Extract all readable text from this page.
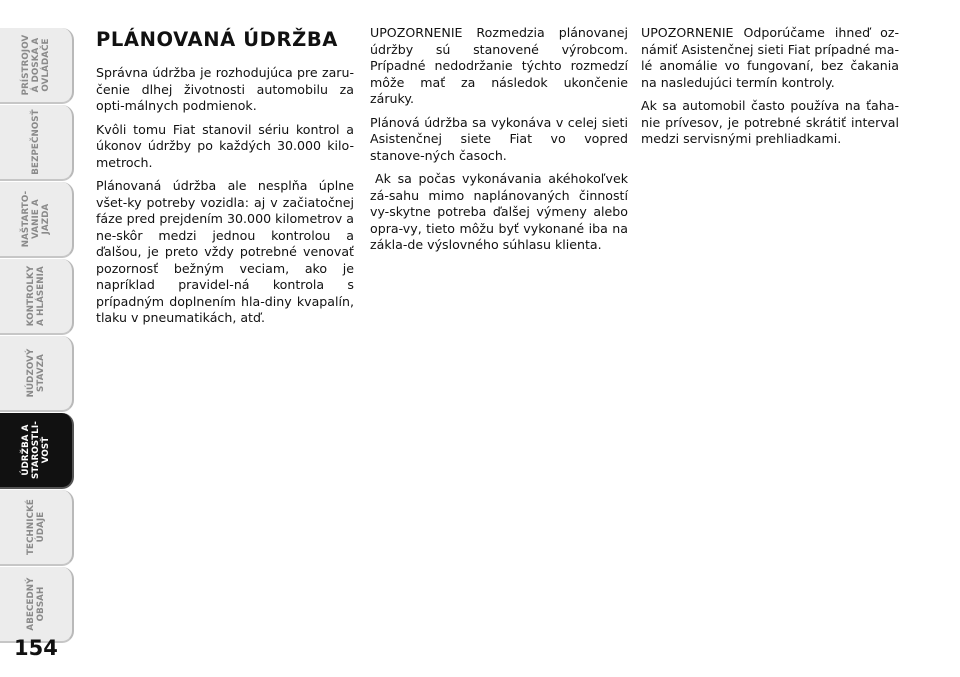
PRÍSTROJOV
Á DOSKA A
OVLÁDAČE
BEZPEČNOSŤ
NAŠTARTO-
VANIE A
JAZDA
KONTROLKY
A HLÁSENIA
NÚDZOVÝ
STAVZA
ÚDRŽBA A
STAROSTLI-
VOSŤ
TECHNICKÉ
ÚDAJE
ABECEDNÝ
OBSAH
154
PLÁNOVANÁ ÚDRŽBA

Správna údržba je rozhodujúca pre zaru-čenie dlhej životnosti automobilu za opti-málnych podmienok.

Kvôli tomu Fiat stanovil sériu kontrol a úkonov údržby po každých 30.000 kilo-metroch.

Plánovaná údržba ale nesplňa úplne všet-ky potreby vozidla: aj v začiatočnej fáze pred prejdením 30.000 kilometrov a ne-skôr medzi jednou kontrolou a ďalšou, je preto vždy potrebné venovať pozornosť bežným veciam, ako je napríklad pravidel-ná kontrola s prípadným doplnením hla-diny kvapalín, tlaku v pneumatikách, atď.

UPOZORNENIE Rozmedzia plánovanej údržby sú stanovené výrobcom. Prípadné nedodržanie týchto rozmedzí môže mať za následok ukončenie záruky.

Plánová údržba sa vykonáva v celej sieti Asistenčnej siete Fiat vo vopred stanove-ných časoch.

Ak sa počas vykonávania akéhokoľvek zá-sahu mimo naplánovaných činností vy-skytne potreba ďalšej výmeny alebo opra-vy, tieto môžu byť vykonané iba na zákla-de výslovného súhlasu klienta.

UPOZORNENIE Odporúčame ihneď oz-námiť Asistenčnej sieti Fiat prípadné ma-lé anomálie vo fungovaní, bez čakania na nasledujúci termín kontroly.

Ak sa automobil často používa na ťaha-nie prívesov, je potrebné skrátiť interval medzi servisnými prehliadkami.
